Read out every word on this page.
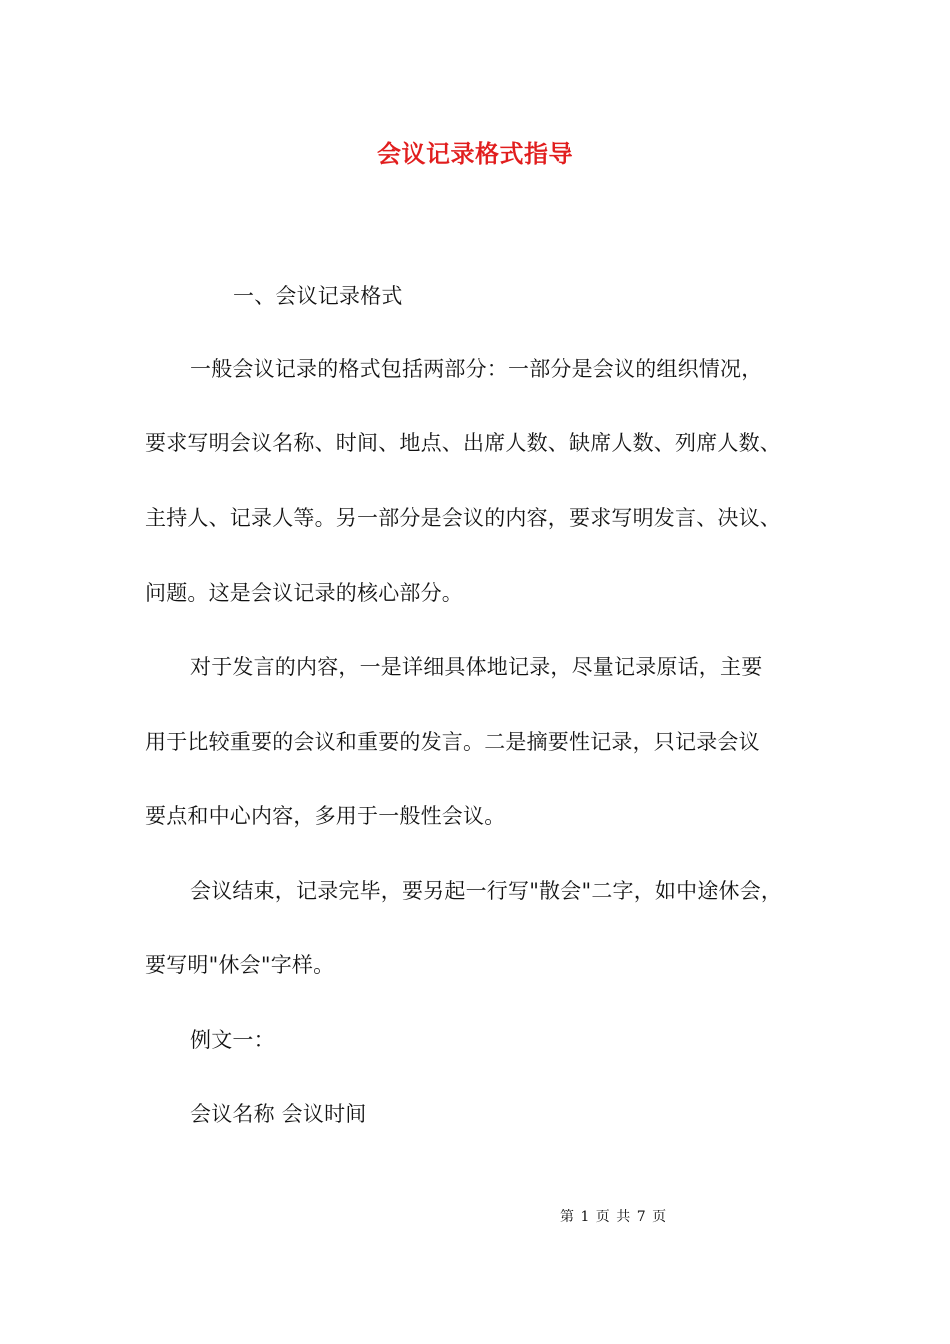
会议记录格式指导
一、会议记录格式
一般会议记录的格式包括两部分：一部分是会议的组织情况，
要求写明会议名称、时间、地点、出席人数、缺席人数、列席人数、
主持人、记录人等。另一部分是会议的内容，要求写明发言、决议、
问题。这是会议记录的核心部分。
对于发言的内容，一是详细具体地记录，尽量记录原话，主要
用于比较重要的会议和重要的发言。二是摘要性记录，只记录会议
要点和中心内容，多用于一般性会议。
会议结束，记录完毕，要另起一行写"散会"二字，如中途休会，
要写明"休会"字样。
例文一：
会议名称 会议时间
第 1 页 共 7 页
